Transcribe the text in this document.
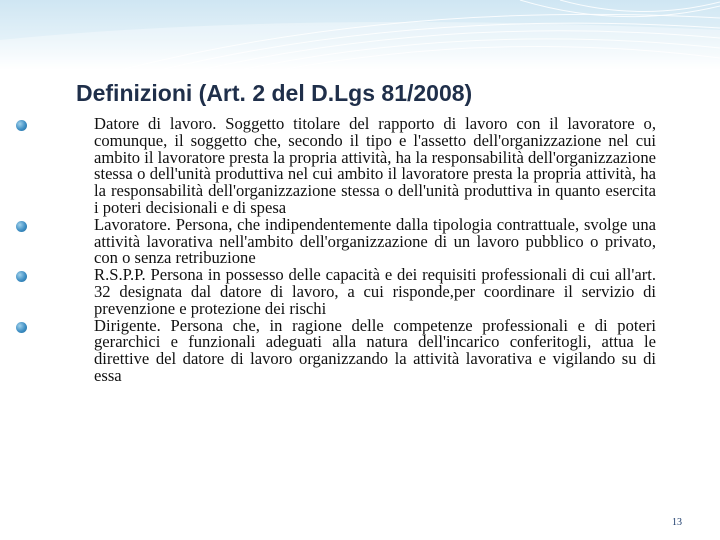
Definizioni (Art. 2 del D.Lgs 81/2008)
Datore di lavoro. Soggetto titolare del rapporto di lavoro con il lavoratore o, comunque, il soggetto che, secondo il tipo e l'assetto dell'organizzazione nel cui ambito il lavoratore presta la propria attività, ha la responsabilità dell'organizzazione stessa o dell'unità produttiva nel cui ambito il lavoratore presta la propria attività, ha la responsabilità dell'organizzazione stessa o dell'unità produttiva in quanto esercita i poteri decisionali e di spesa
Lavoratore. Persona, che indipendentemente dalla tipologia contrattuale, svolge una attività lavorativa nell'ambito dell'organizzazione di un lavoro pubblico o privato, con o senza retribuzione
R.S.P.P. Persona in possesso delle capacità e dei requisiti professionali di cui all'art. 32 designata dal datore di lavoro, a cui risponde,per coordinare il servizio di prevenzione e protezione dei rischi
Dirigente. Persona che, in ragione delle competenze professionali e di poteri gerarchici e funzionali adeguati alla natura dell'incarico conferitogli, attua le direttive del datore di lavoro organizzando la attività lavorativa e vigilando su di essa
13
